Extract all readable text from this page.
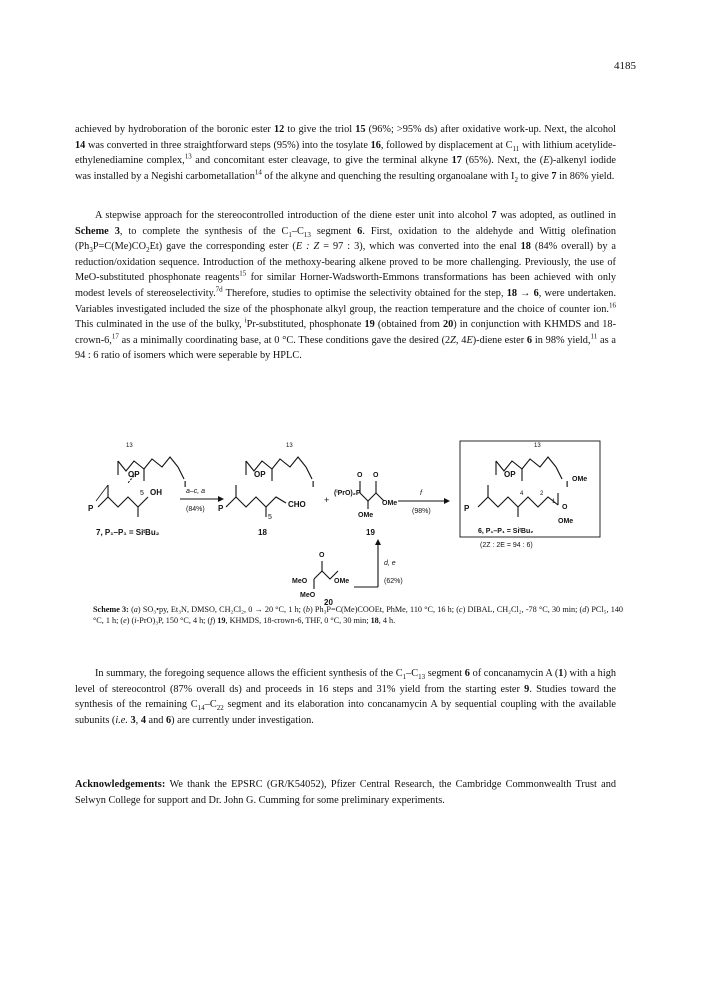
4185

achieved by hydroboration of the boronic ester 12 to give the triol 15 (96%; >95% ds) after oxidative work-up. Next, the alcohol 14 was converted in three straightforward steps (95%) into the tosylate 16, followed by displacement at $C_{11}$ with lithium acetylide-ethylenediamine complex,$^{13}$ and concomitant ester cleavage, to give the terminal alkyne 17 (65%). Next, the (E)-alkenyl iodide was installed by a Negishi carbometallation$^{14}$ of the alkyne and quenching the resulting organoalane with $I_2$ to give 7 in 86% yield.

A stepwise approach for the stereocontrolled introduction of the diene ester unit into alcohol 7 was adopted, as outlined in Scheme 3, to complete the synthesis of the $C_1-C_{13}$ segment 6. First, oxidation to the aldehyde and Wittig olefination $(Ph_3P=C(Me)CO_2Et)$ gave the corresponding ester (E : Z = 97 : 3), which was converted into the enal 18 (84% overall) by a reduction/oxidation sequence. Introduction of the methoxy-bearing alkene proved to be more challenging. Previously, the use of MeO-substituted phosphonate reagents$^{15}$ for similar Horner-Wadsworth-Emmons transformations has been achieved with only modest levels of stereoselectivity.$^{7d}$ Therefore, studies to optimise the selectivity obtained for the step, 18 → 6, were undertaken. Variables investigated included the size of the phosphonate alkyl group, the reaction temperature and the choice of counter ion.$^{16}$ This culminated in the use of the bulky, $^i$Pr-substituted, phosphonate 19 (obtained from 20) in conjunction with KHMDS and 18-crown-6,17 as a minimally coordinating base, at 0 °C. These conditions gave the desired (2Z, 4E)-diene ester 6 in 98% yield,$^{11}$ as a 94 : 6 ratio of isomers which were seperable by HPLC.

P
OP
OH
5
13
I
7, P₁–P₁ = SiᵗBu₂
a–c, a
(84%) P
OP
CHO
5
13
I
18
+
O O
(ⁱPrO)₂P
OMe
OMe
19
f
(98%)	P
OP
13
I
OMe
O
OMe
4	2
1
6, P₁–P₁ = SiᵗBu₂
(2Z : 2E = 94 : 6)
d, e
(62%)
O
MeO	OMe
MeO
20

Scheme 3: (a) SO₃•py, Et₃N, DMSO, CH₂Cl₂, 0 → 20 °C, 1 h; (b) Ph₃P=C(Me)COOEt, PhMe, 110 °C, 16 h; (c) DIBAL, CH₂Cl₂, -78 °C, 30 min; (d) PCl₅, 140 °C, 1 h; (e) (i-PrO)₃P, 150 °C, 4 h; (f) 19, KHMDS, 18-crown-6, THF, 0 °C, 30 min; 18, 4 h.

In summary, the foregoing sequence allows the efficient synthesis of the $C_1-C_{13}$ segment 6 of concanamycin A (1) with a high level of stereocontrol (87% overall ds) and proceeds in 16 steps and 31% yield from the starting ester 9. Studies toward the synthesis of the remaining $C_{14}-C_{22}$ segment and its elaboration into concanamycin A by sequential coupling with the available subunits (i.e. 3, 4 and 6) are currently under investigation.

Acknowledgements: We thank the EPSRC (GR/K54052), Pfizer Central Research, the Cambridge Commonwealth Trust and Selwyn College for support and Dr. John G. Cumming for some preliminary experiments.
